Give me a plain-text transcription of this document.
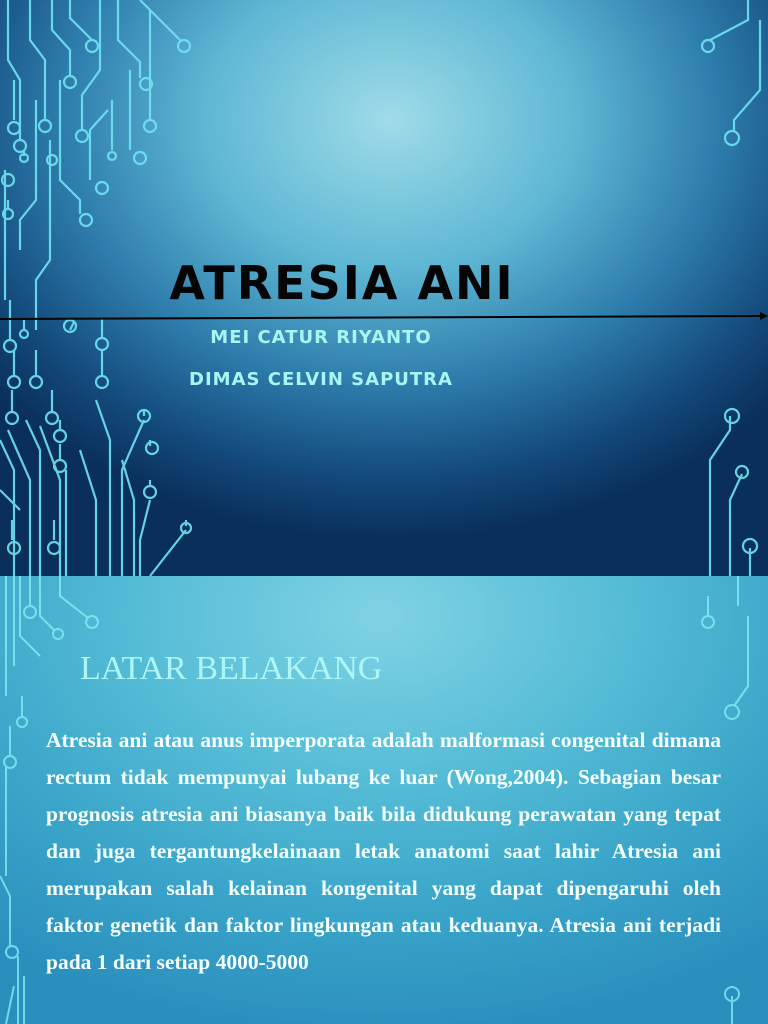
ATRESIA ANI
MEI CATUR RIYANTO
DIMAS CELVIN SAPUTRA
LATAR BELAKANG

Atresia ani atau anus imperporata adalah malformasi congenital dimana rectum tidak mempunyai lubang ke luar (Wong,2004). Sebagian besar prognosis atresia ani biasanya baik bila didukung perawatan yang tepat dan juga tergantungkelainaan letak anatomi saat lahir Atresia ani merupakan salah kelainan kongenital yang dapat dipengaruhi oleh faktor genetik dan faktor lingkungan atau keduanya. Atresia ani terjadi pada 1 dari setiap 4000-5000
